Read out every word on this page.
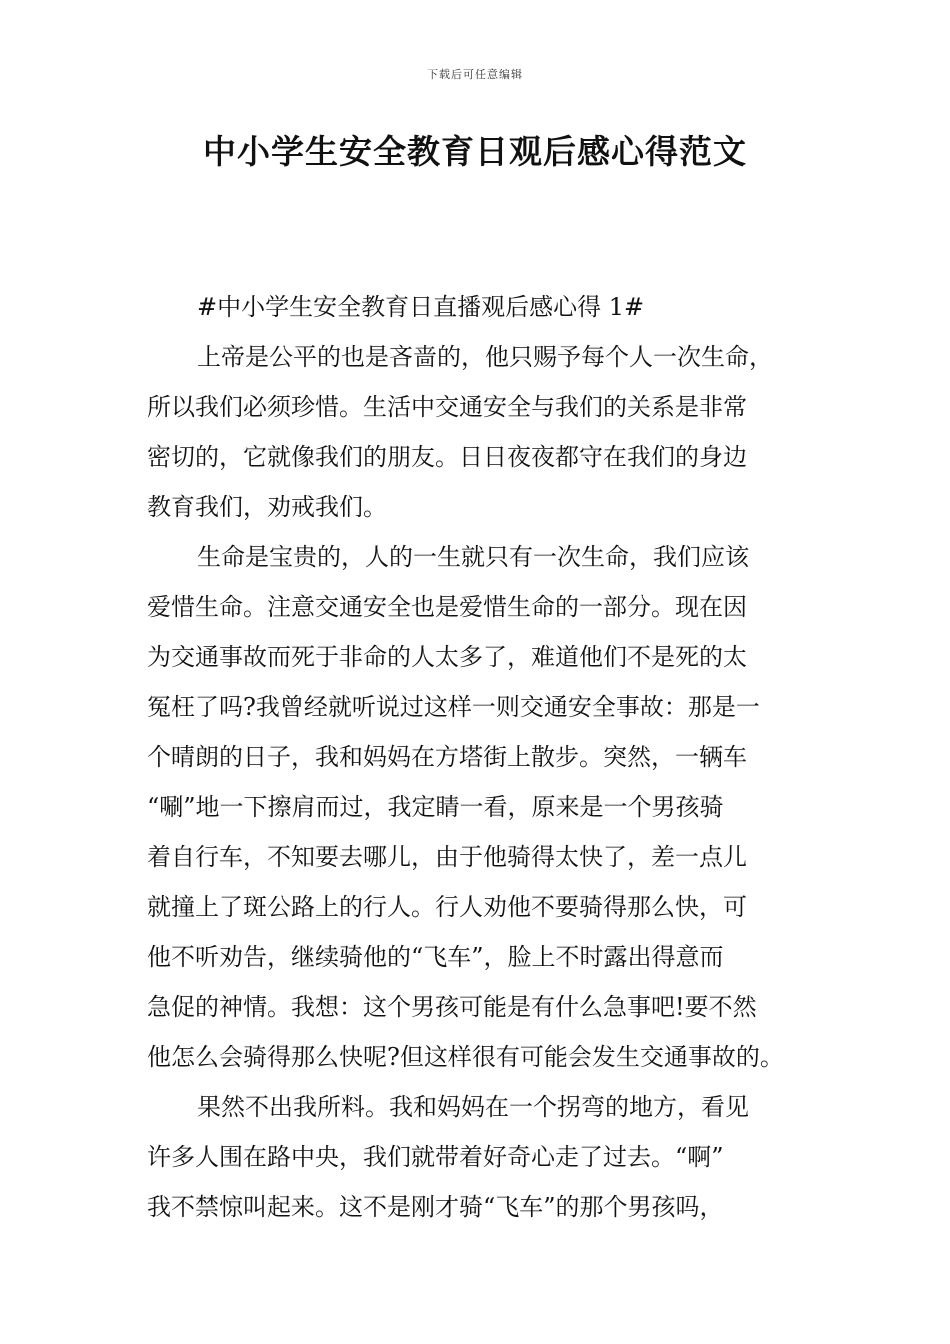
下载后可任意编辑
中小学生安全教育日观后感心得范文
#中小学生安全教育日直播观后感心得 1#
上帝是公平的也是吝啬的，他只赐予每个人一次生命，
所以我们必须珍惜。生活中交通安全与我们的关系是非常
密切的，它就像我们的朋友。日日夜夜都守在我们的身边
教育我们，劝戒我们。
生命是宝贵的，人的一生就只有一次生命，我们应该
爱惜生命。注意交通安全也是爱惜生命的一部分。现在因
为交通事故而死于非命的人太多了，难道他们不是死的太
冤枉了吗?我曾经就听说过这样一则交通安全事故：那是一
个晴朗的日子，我和妈妈在方塔街上散步。突然，一辆车
“唰”地一下擦肩而过，我定睛一看，原来是一个男孩骑
着自行车，不知要去哪儿，由于他骑得太快了，差一点儿
就撞上了斑公路上的行人。行人劝他不要骑得那么快，可
他不听劝告，继续骑他的“飞车”，脸上不时露出得意而
急促的神情。我想：这个男孩可能是有什么急事吧!要不然
他怎么会骑得那么快呢?但这样很有可能会发生交通事故的。
果然不出我所料。我和妈妈在一个拐弯的地方，看见
许多人围在路中央，我们就带着好奇心走了过去。“啊”
我不禁惊叫起来。这不是刚才骑“飞车”的那个男孩吗，
